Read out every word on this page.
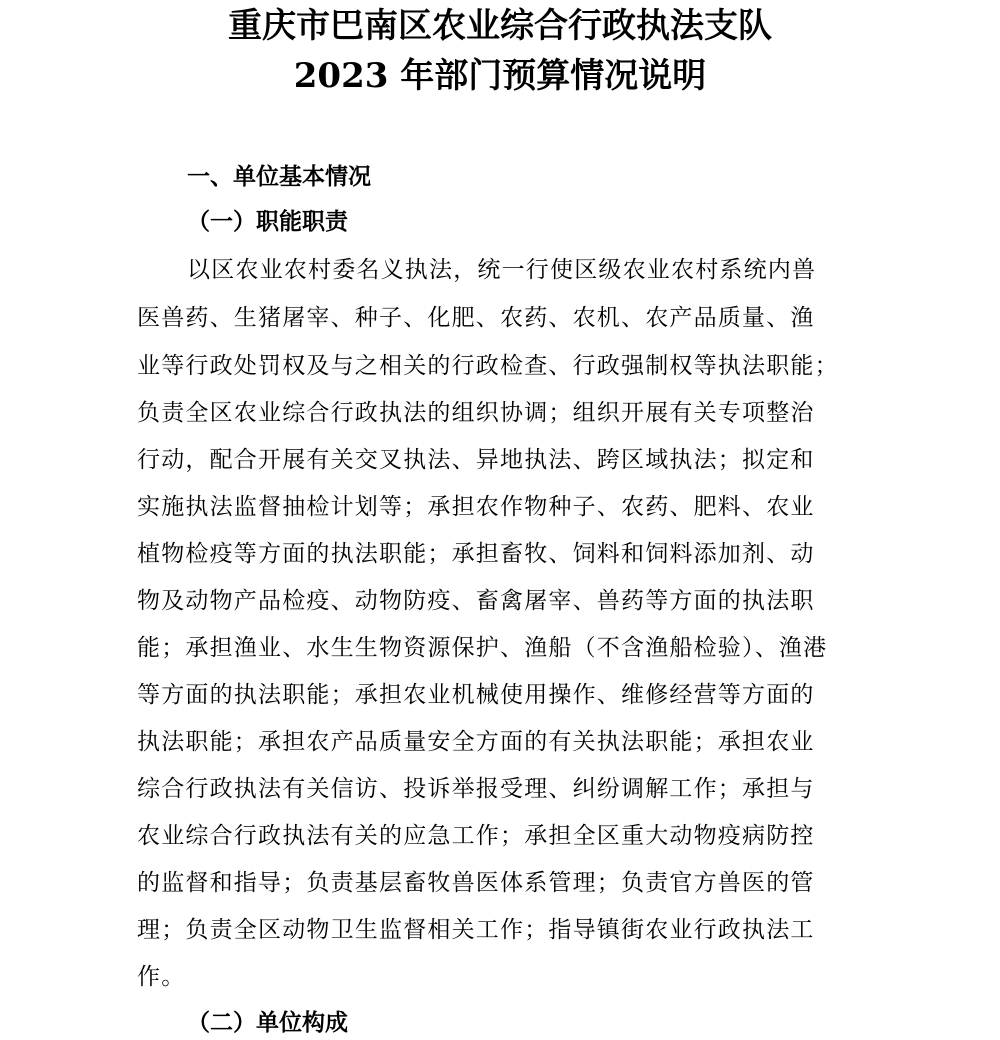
重庆市巴南区农业综合行政执法支队
2023 年部门预算情况说明
一、单位基本情况
（一）职能职责
以区农业农村委名义执法，统一行使区级农业农村系统内兽
医兽药、生猪屠宰、种子、化肥、农药、农机、农产品质量、渔
业等行政处罚权及与之相关的行政检查、行政强制权等执法职能；
负责全区农业综合行政执法的组织协调；组织开展有关专项整治
行动，配合开展有关交叉执法、异地执法、跨区域执法；拟定和
实施执法监督抽检计划等；承担农作物种子、农药、肥料、农业
植物检疫等方面的执法职能；承担畜牧、饲料和饲料添加剂、动
物及动物产品检疫、动物防疫、畜禽屠宰、兽药等方面的执法职
能；承担渔业、水生生物资源保护、渔船（不含渔船检验）、渔港
等方面的执法职能；承担农业机械使用操作、维修经营等方面的
执法职能；承担农产品质量安全方面的有关执法职能；承担农业
综合行政执法有关信访、投诉举报受理、纠纷调解工作；承担与
农业综合行政执法有关的应急工作；承担全区重大动物疫病防控
的监督和指导；负责基层畜牧兽医体系管理；负责官方兽医的管
理；负责全区动物卫生监督相关工作；指导镇街农业行政执法工
作。
（二）单位构成
